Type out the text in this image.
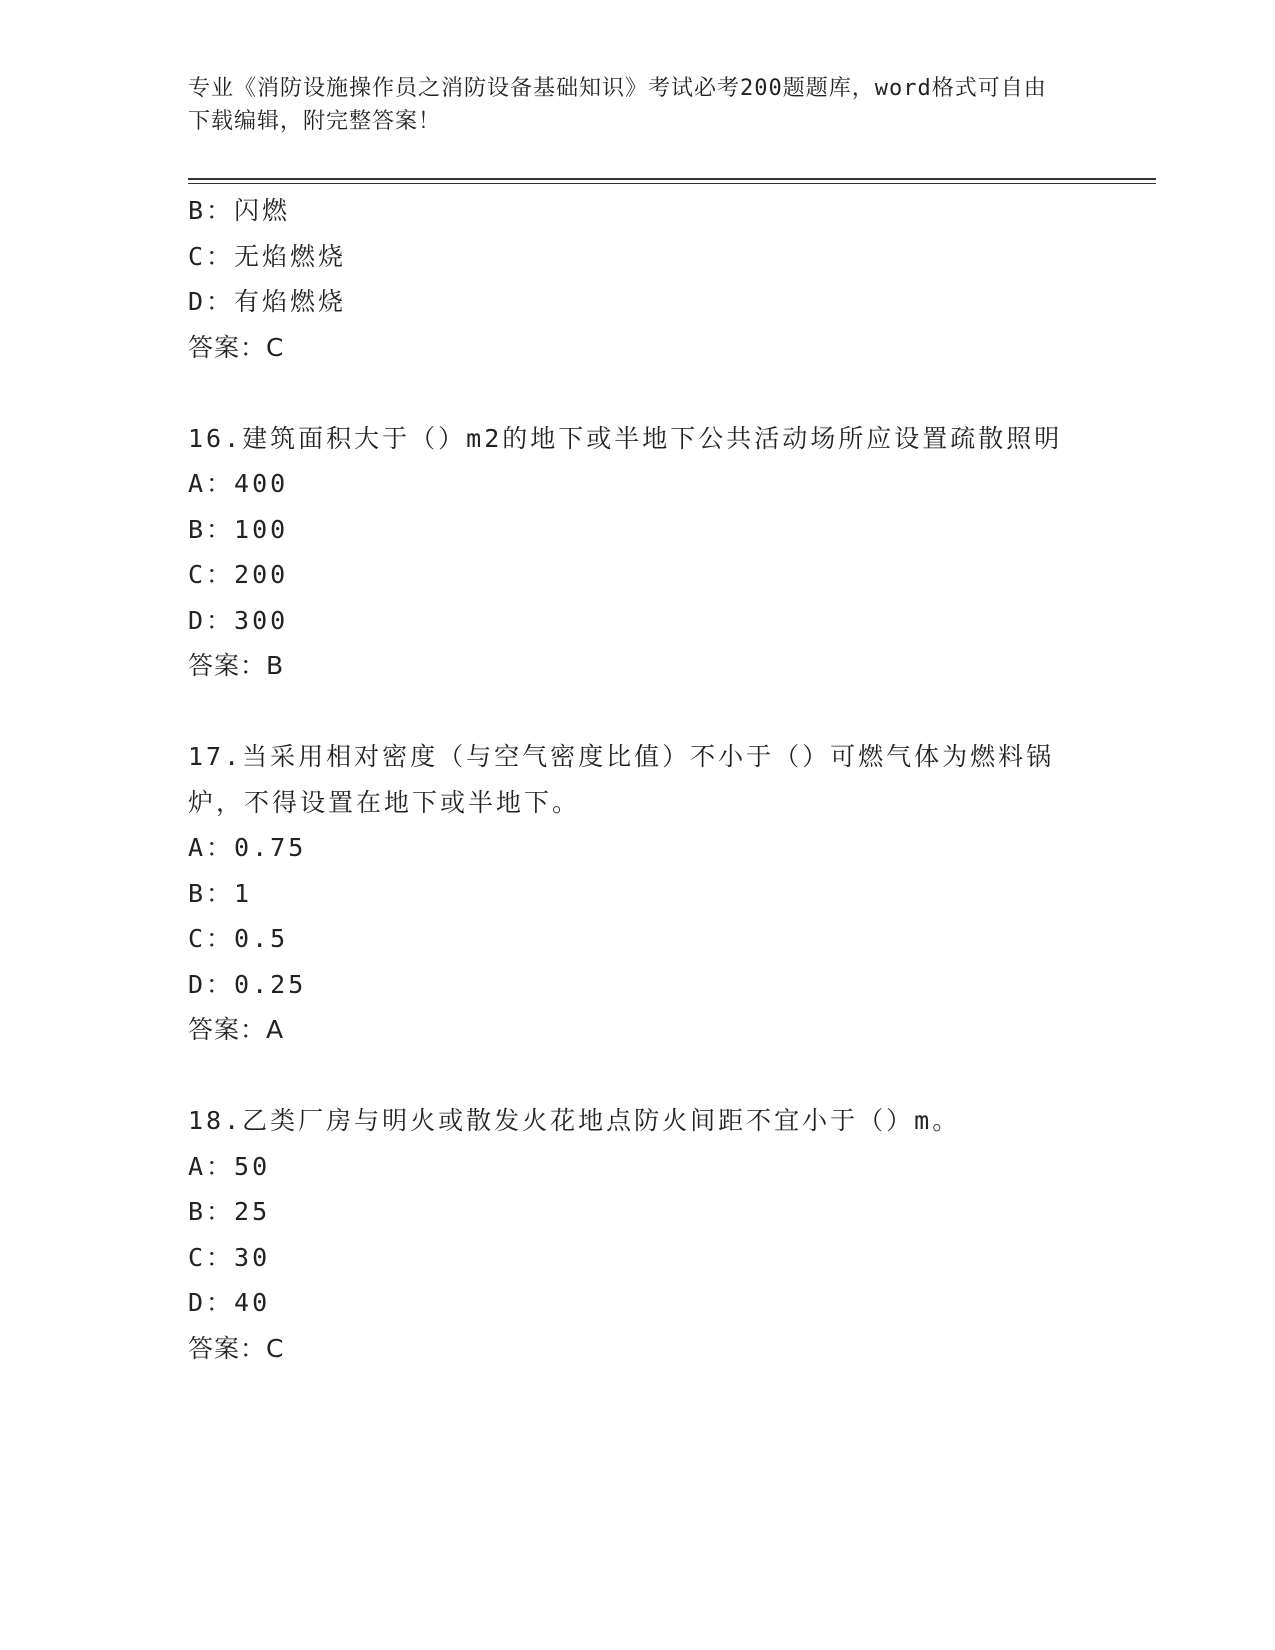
专业《消防设施操作员之消防设备基础知识》考试必考200题题库，word格式可自由下载编辑，附完整答案！
B：闪燃
C：无焰燃烧
D：有焰燃烧
答案：C
16.建筑面积大于（）m2的地下或半地下公共活动场所应设置疏散照明
A：400
B：100
C：200
D：300
答案：B
17.当采用相对密度（与空气密度比值）不小于（）可燃气体为燃料锅炉，不得设置在地下或半地下。
A：0.75
B：1
C：0.5
D：0.25
答案：A
18.乙类厂房与明火或散发火花地点防火间距不宜小于（）m。
A：50
B：25
C：30
D：40
答案：C
